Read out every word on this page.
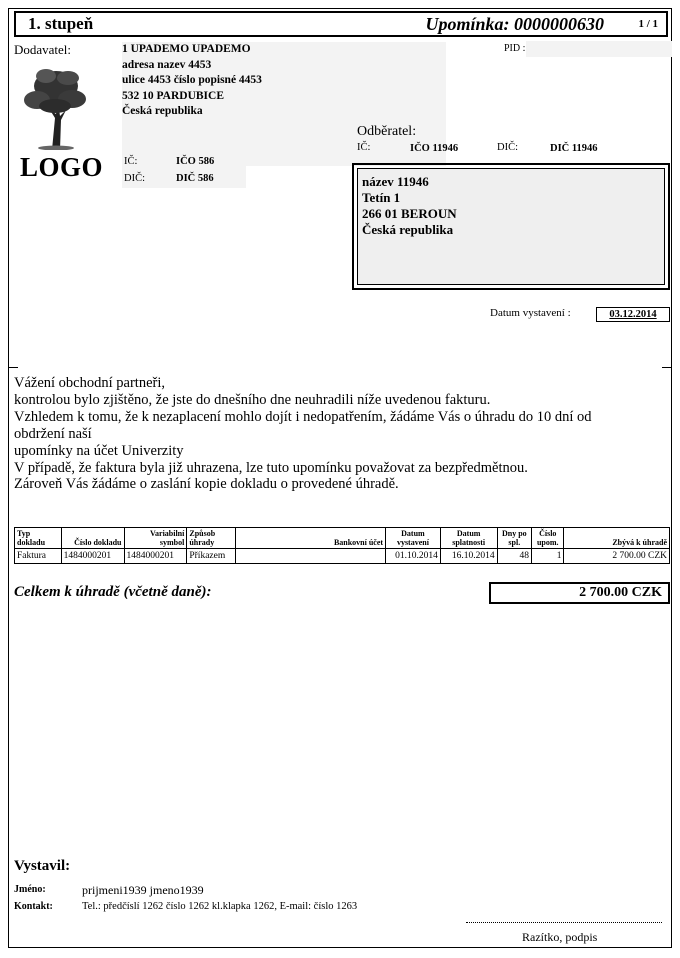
1. stupeň	Upomínka: 0000000630	1 / 1
Dodavatel:	1 UPADEMO UPADEMO
adresa nazev 4453
ulice 4453 číslo popisné 4453
532 10 PARDUBICE
Česká republika
PID :
LOGO IČ:	IČO 586
DIČ:	DIČ 586
Odběratel:
IČ:	IČO 11946	DIČ:	DIČ 11946
název 11946
Tetín 1
266 01 BEROUN
Česká republika
Datum vystavení :	03.12.2014
Vážení obchodní partneři,
kontrolou bylo zjištěno, že jste do dnešního dne neuhradili níže uvedenou fakturu.
Vzhledem k tomu, že k nezaplacení mohlo dojít i nedopatřením, žádáme Vás o úhradu do 10 dní od
obdržení naší
upomínky na účet Univerzity
V případě, že faktura byla již uhrazena, lze tuto upomínku považovat za bezpředmětnou.
Zároveň Vás žádáme o zaslání kopie dokladu o provedené úhradě.
Typ dokladu	Číslo dokladu	Variabilní symbol	Způsob úhrady	Bankovní účet	Datum vystavení	Datum splatnosti	Dny po spl.	Číslo upom.	Zbývá k úhradě
Faktura	1484000201	1484000201	Příkazem		01.10.2014	16.10.2014	48	1	2 700.00 CZK
Celkem k úhradě (včetně daně):	2 700.00 CZK
Vystavil:
Jméno:	prijmeni1939 jmeno1939
Kontakt:	Tel.: předčíslí 1262 číslo 1262 kl.klapka 1262, E-mail: číslo 1263
Razítko, podpis
